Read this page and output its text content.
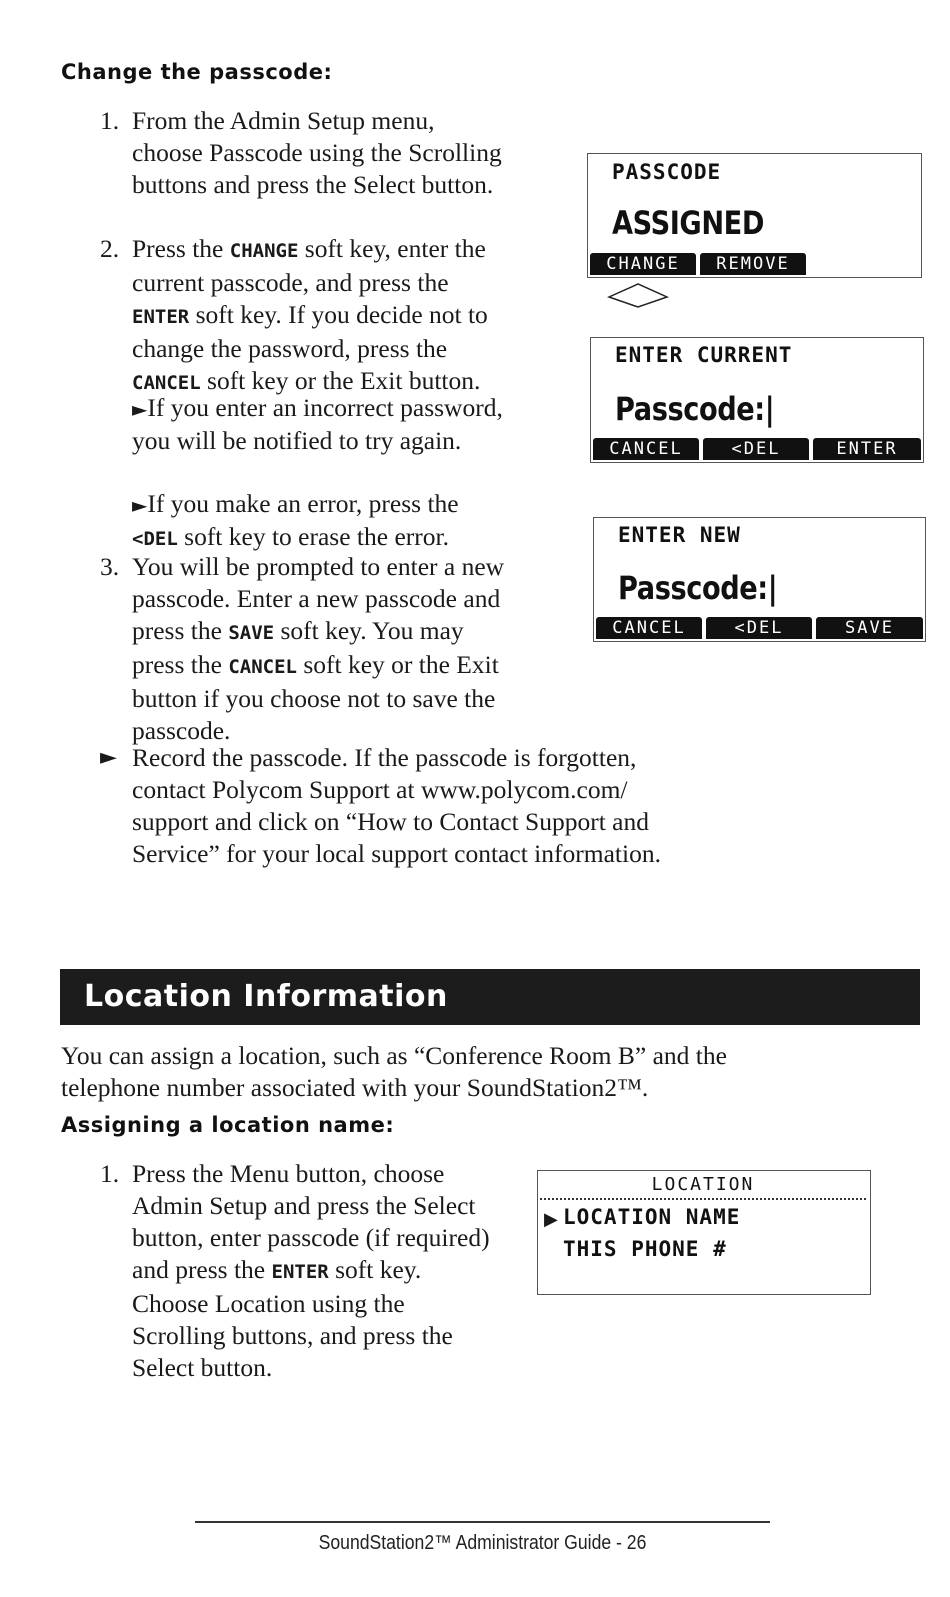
Change the passcode:
1. From the Admin Setup menu, choose Passcode using the Scrolling buttons and press the Select button.
2. Press the CHANGE soft key, enter the current passcode, and press the ENTER soft key. If you decide not to change the password, press the CANCEL soft key or the Exit button.
►If you enter an incorrect password, you will be notified to try again.
►If you make an error, press the
<DEL soft key to erase the error.
3. You will be prompted to enter a new passcode. Enter a new passcode and press the SAVE soft key. You may press the CANCEL soft key or the Exit button if you choose not to save the passcode.
► Record the passcode. If the passcode is forgotten, contact Polycom Support at www.polycom.com/ support and click on “How to Contact Support and Service” for your local support contact information.
PASSCODE
ASSIGNED
CHANGE	REMOVE
ENTER CURRENT
Passcode:|
CANCEL	<DEL	ENTER
ENTER NEW
Passcode:|
CANCEL	<DEL	SAVE
Location Information
You can assign a location, such as “Conference Room B” and the telephone number associated with your SoundStation2™.
Assigning a location name:
1. Press the Menu button, choose Admin Setup and press the Select button, enter passcode (if required) and press the ENTER soft key. Choose Location using the Scrolling buttons, and press the Select button.
LOCATION
▶ LOCATION NAME
THIS PHONE #
SoundStation2™ Administrator Guide - 26
